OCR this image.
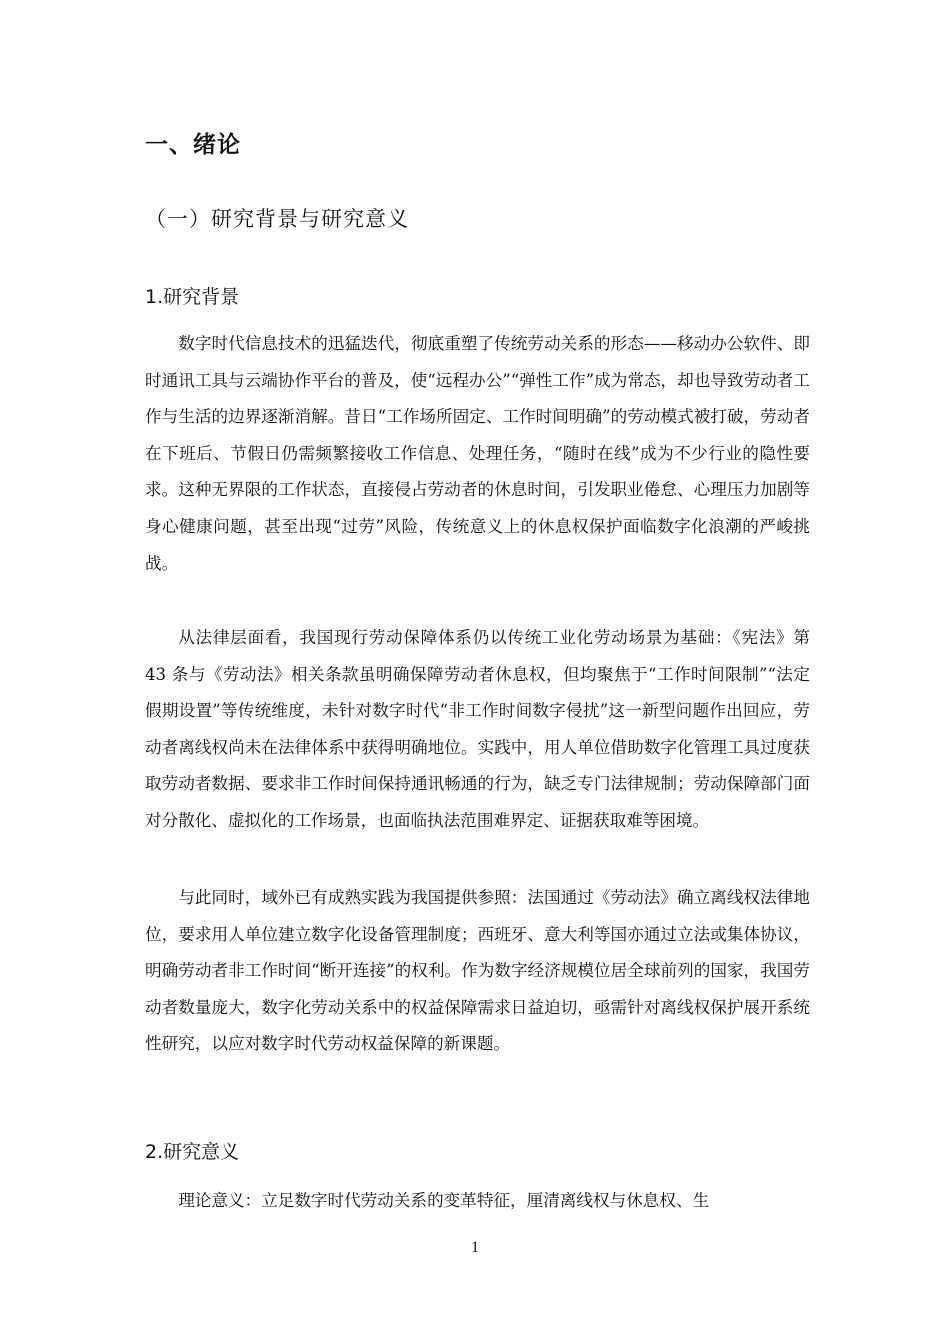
一、绪论
（一）研究背景与研究意义
1.研究背景

数字时代信息技术的迅猛迭代，彻底重塑了传统劳动关系的形态——移动办公软件、即时通讯工具与云端协作平台的普及，使“远程办公”“弹性工作”成为常态，却也导致劳动者工作与生活的边界逐渐消解。昔日“工作场所固定、工作时间明确”的劳动模式被打破，劳动者在下班后、节假日仍需频繁接收工作信息、处理任务，“随时在线”成为不少行业的隐性要求。这种无界限的工作状态，直接侵占劳动者的休息时间，引发职业倦怠、心理压力加剧等身心健康问题，甚至出现“过劳”风险，传统意义上的休息权保护面临数字化浪潮的严峻挑战。

从法律层面看，我国现行劳动保障体系仍以传统工业化劳动场景为基础：《宪法》第 43 条与《劳动法》相关条款虽明确保障劳动者休息权，但均聚焦于“工作时间限制”“法定假期设置”等传统维度，未针对数字时代“非工作时间数字侵扰”这一新型问题作出回应，劳动者离线权尚未在法律体系中获得明确地位。实践中，用人单位借助数字化管理工具过度获取劳动者数据、要求非工作时间保持通讯畅通的行为，缺乏专门法律规制；劳动保障部门面对分散化、虚拟化的工作场景，也面临执法范围难界定、证据获取难等困境。

与此同时，域外已有成熟实践为我国提供参照：法国通过《劳动法》确立离线权法律地位，要求用人单位建立数字化设备管理制度；西班牙、意大利等国亦通过立法或集体协议，明确劳动者非工作时间“断开连接”的权利。作为数字经济规模位居全球前列的国家，我国劳动者数量庞大，数字化劳动关系中的权益保障需求日益迫切，亟需针对离线权保护展开系统性研究，以应对数字时代劳动权益保障的新课题。

2.研究意义

理论意义：立足数字时代劳动关系的变革特征，厘清离线权与休息权、生

1
